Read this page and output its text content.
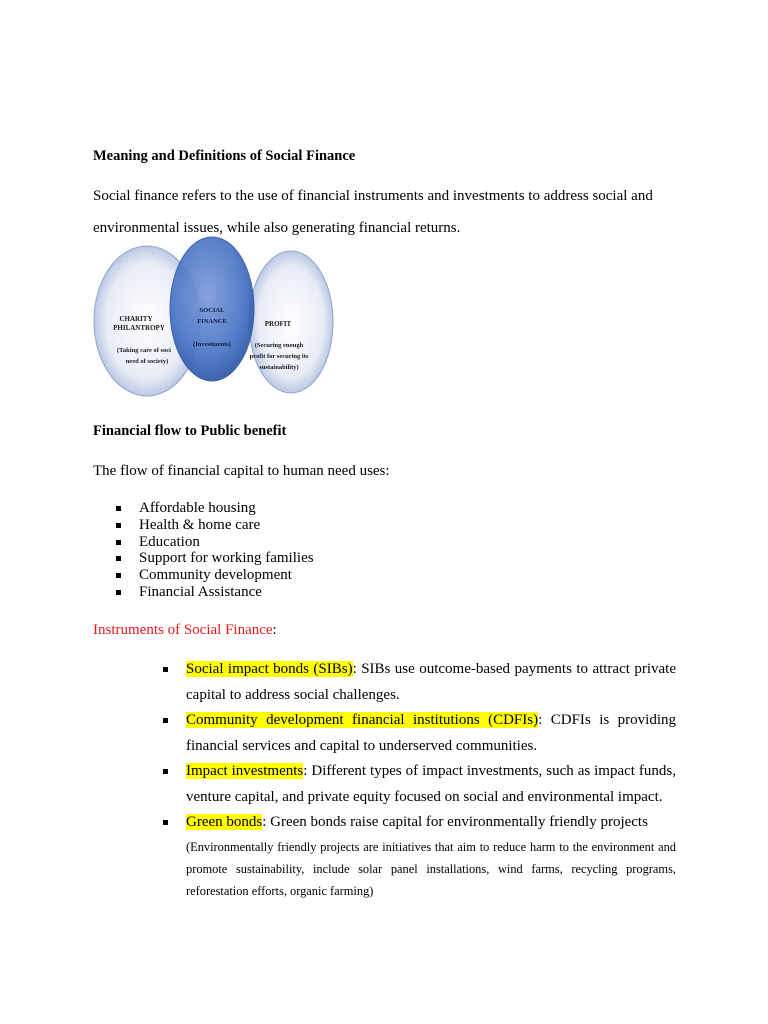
Meaning and Definitions of Social Finance
Social finance refers to the use of financial instruments and investments to address social and environmental issues, while also generating financial returns.
CHARITY
PHILANTROPY
(Taking care of soci
need of society)
SOCIAL
FINANCE
(Investments)
PROFIT
(Securing enough
profit for securing its
sustainability)
Financial flow to Public benefit
The flow of financial capital to human need uses:
Affordable housing
Health & home care
Education
Support for working families
Community development
Financial Assistance
Instruments of Social Finance:
Social impact bonds (SIBs): SIBs use outcome-based payments to attract private capital to address social challenges.
Community development financial institutions (CDFIs): CDFIs is providing financial services and capital to underserved communities.
Impact investments: Different types of impact investments, such as impact funds, venture capital, and private equity focused on social and environmental impact.
Green bonds: Green bonds raise capital for environmentally friendly projects
(Environmentally friendly projects are initiatives that aim to reduce harm to the environment and promote sustainability, include solar panel installations, wind farms, recycling programs, reforestation efforts, organic farming)
